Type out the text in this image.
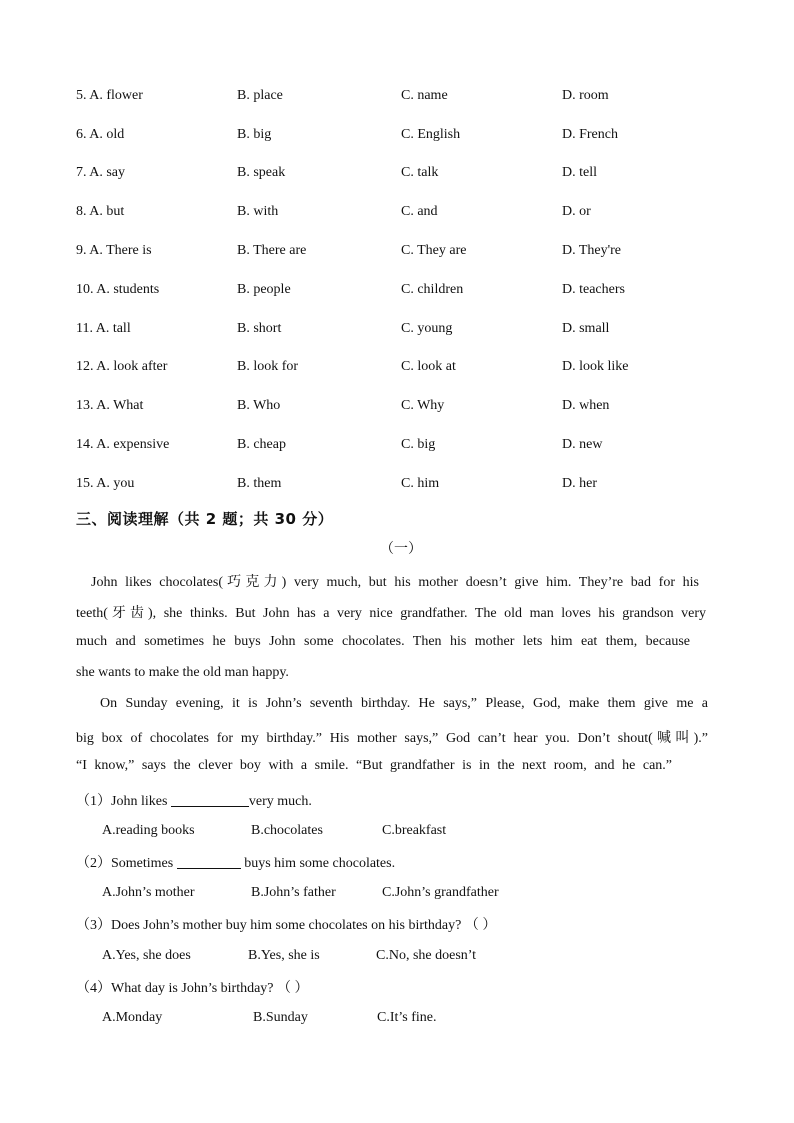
5. A. flower	B. place	C. name	D. room
6. A. old	B. big	C. English	D. French
7. A. say	B. speak	C. talk	D. tell
8. A. but	B. with	C. and	D. or
9. A. There is	B. There are	C. They are	D. They're
10. A. students	B. people	C. children	D. teachers
11. A. tall	B. short	C. young	D. small
12. A. look after	B. look for	C. look at	D. look like
13. A. What	B. Who	C. Why	D. when
14. A. expensive	B. cheap	C. big	D. new
15. A. you	B. them	C. him	D. her
三、阅读理解（共 2 题；共 30 分）
（一）
John likes chocolates(巧克力) very much, but his mother doesn’t give him. They’re bad for his
teeth(牙齿), she thinks. But John has a very nice grandfather. The old man loves his grandson very
much and sometimes he buys John some chocolates. Then his mother lets him eat them, because
she wants to make the old man happy.
On Sunday evening, it is John’s seventh birthday. He says,” Please, God, make them give me a
big box of chocolates for my birthday.” His mother says,” God can’t hear you. Don’t shout(喊叫).”
“I know,” says the clever boy with a smile. “But grandfather is in the next room, and he can.”
（1）John likes	very much.
A.reading books	B.chocolates	C.breakfast
（2）Sometimes	buys him some chocolates.
A.John’s mother	B.John’s father	C.John’s grandfather
（3）Does John’s mother buy him some chocolates on his birthday? （ ）
A.Yes, she does	B.Yes, she is	C.No, she doesn’t
（4）What day is John’s birthday? （ ）
A.Monday	B.Sunday	C.It’s fine.
